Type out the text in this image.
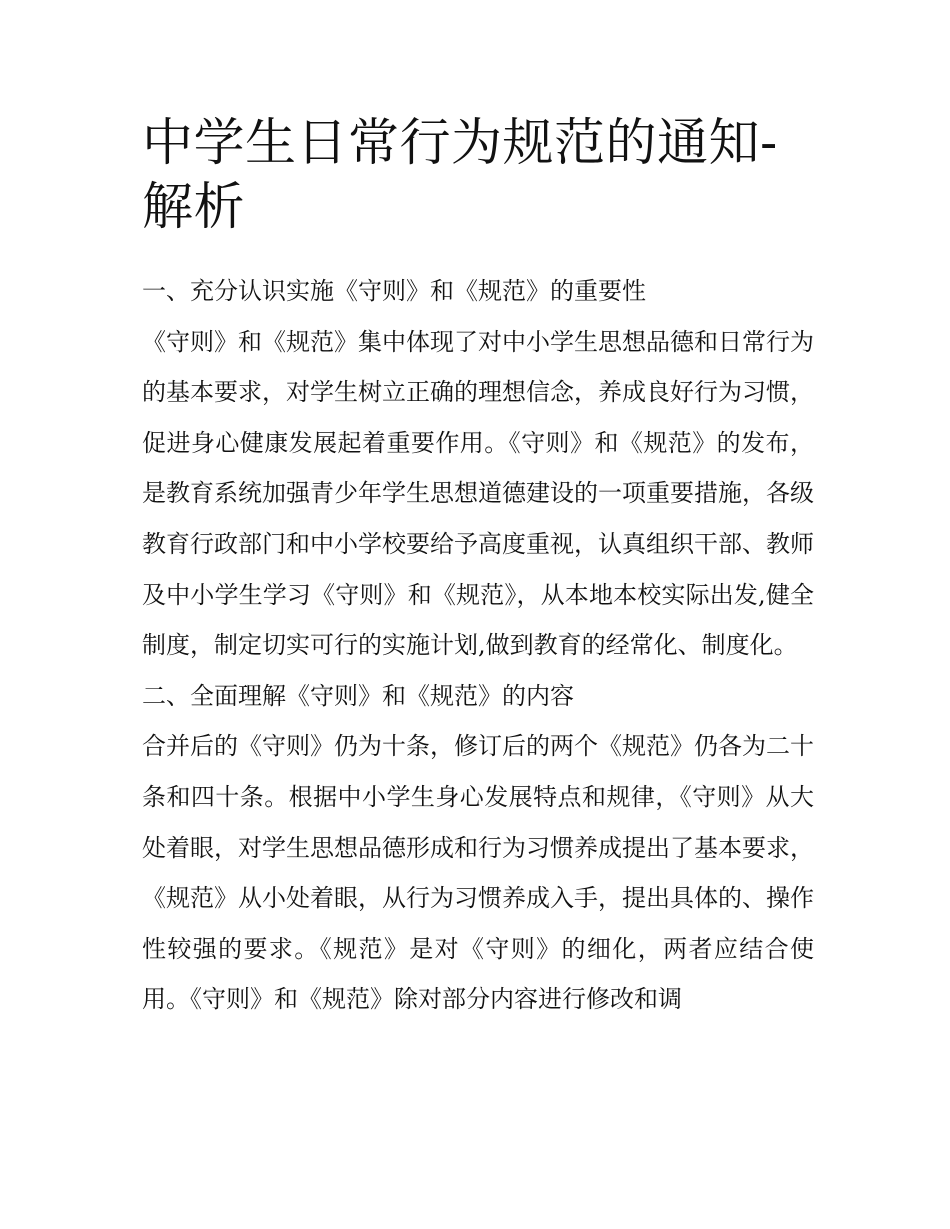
中学生日常行为规范的通知-解析

一、充分认识实施《守则》和《规范》的重要性

《守则》和《规范》集中体现了对中小学生思想品德和日常行为的基本要求，对学生树立正确的理想信念，养成良好行为习惯，促进身心健康发展起着重要作用。《守则》和《规范》的发布，是教育系统加强青少年学生思想道德建设的一项重要措施，各级教育行政部门和中小学校要给予高度重视，认真组织干部、教师及中小学生学习《守则》和《规范》，从本地本校实际出发,健全制度，制定切实可行的实施计划,做到教育的经常化、制度化。

二、全面理解《守则》和《规范》的内容

合并后的《守则》仍为十条，修订后的两个《规范》仍各为二十条和四十条。根据中小学生身心发展特点和规律，《守则》从大处着眼，对学生思想品德形成和行为习惯养成提出了基本要求，《规范》从小处着眼，从行为习惯养成入手，提出具体的、操作性较强的要求。《规范》是对《守则》的细化，两者应结合使用。《守则》和《规范》除对部分内容进行修改和调
